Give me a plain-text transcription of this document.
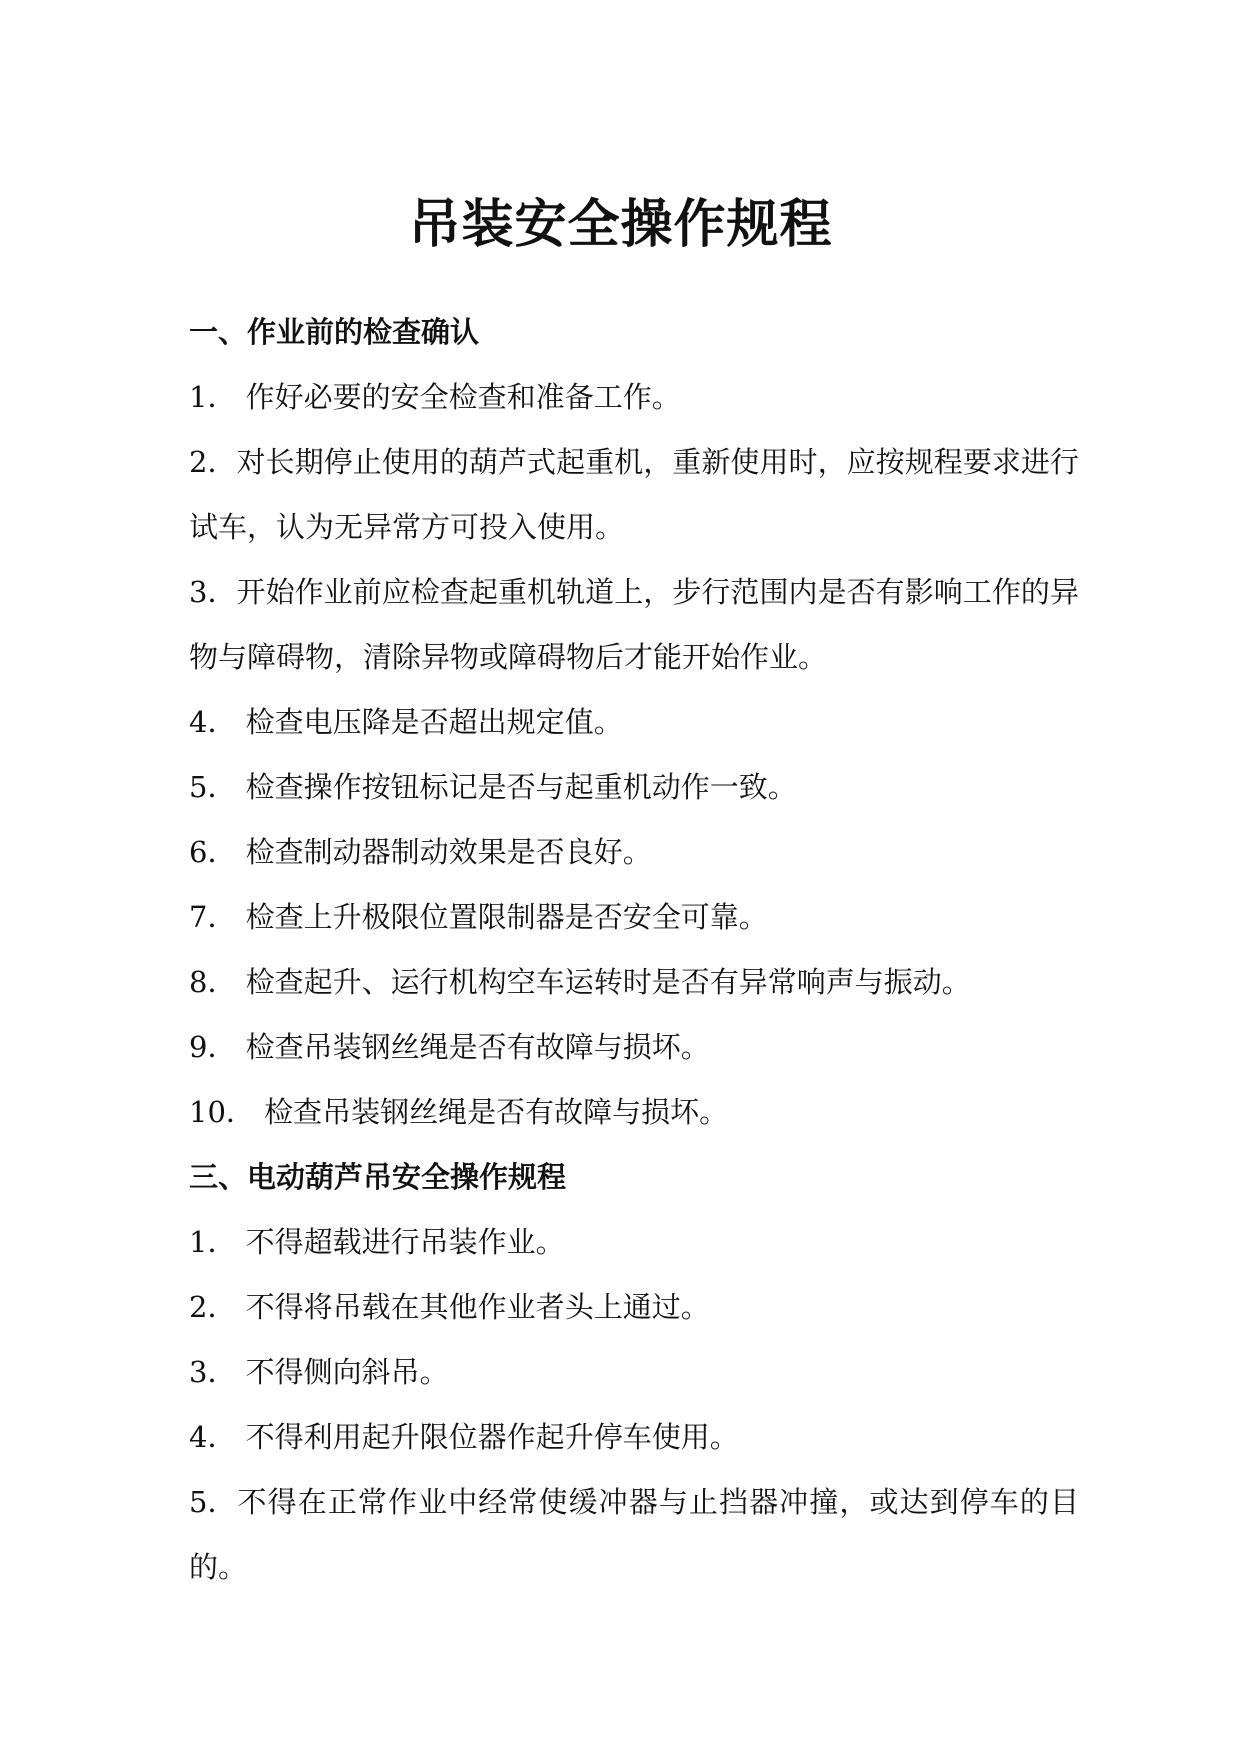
吊装安全操作规程
一、作业前的检查确认
1 ． 作好必要的安全检查和准备工作。
2 ． 对长期停止使用的葫芦式起重机，重新使用时，应按规程要求进行试车，认为无异常方可投入使用。
3 ． 开始作业前应检查起重机轨道上，步行范围内是否有影响工作的异物与障碍物，清除异物或障碍物后才能开始作业。
4 ． 检查电压降是否超出规定值。
5 ． 检查操作按钮标记是否与起重机动作一致。
6 ． 检查制动器制动效果是否良好。
7 ． 检查上升极限位置限制器是否安全可靠。
8 ． 检查起升、运行机构空车运转时是否有异常响声与振动。
9 ． 检查吊装钢丝绳是否有故障与损坏。
10 ． 检查吊装钢丝绳是否有故障与损坏。
三、电动葫芦吊安全操作规程
1 ． 不得超载进行吊装作业。
2 ． 不得将吊载在其他作业者头上通过。
3 ． 不得侧向斜吊。
4 ． 不得利用起升限位器作起升停车使用。
5 ． 不得在正常作业中经常使缓冲器与止挡器冲撞，或达到停车的目的。
